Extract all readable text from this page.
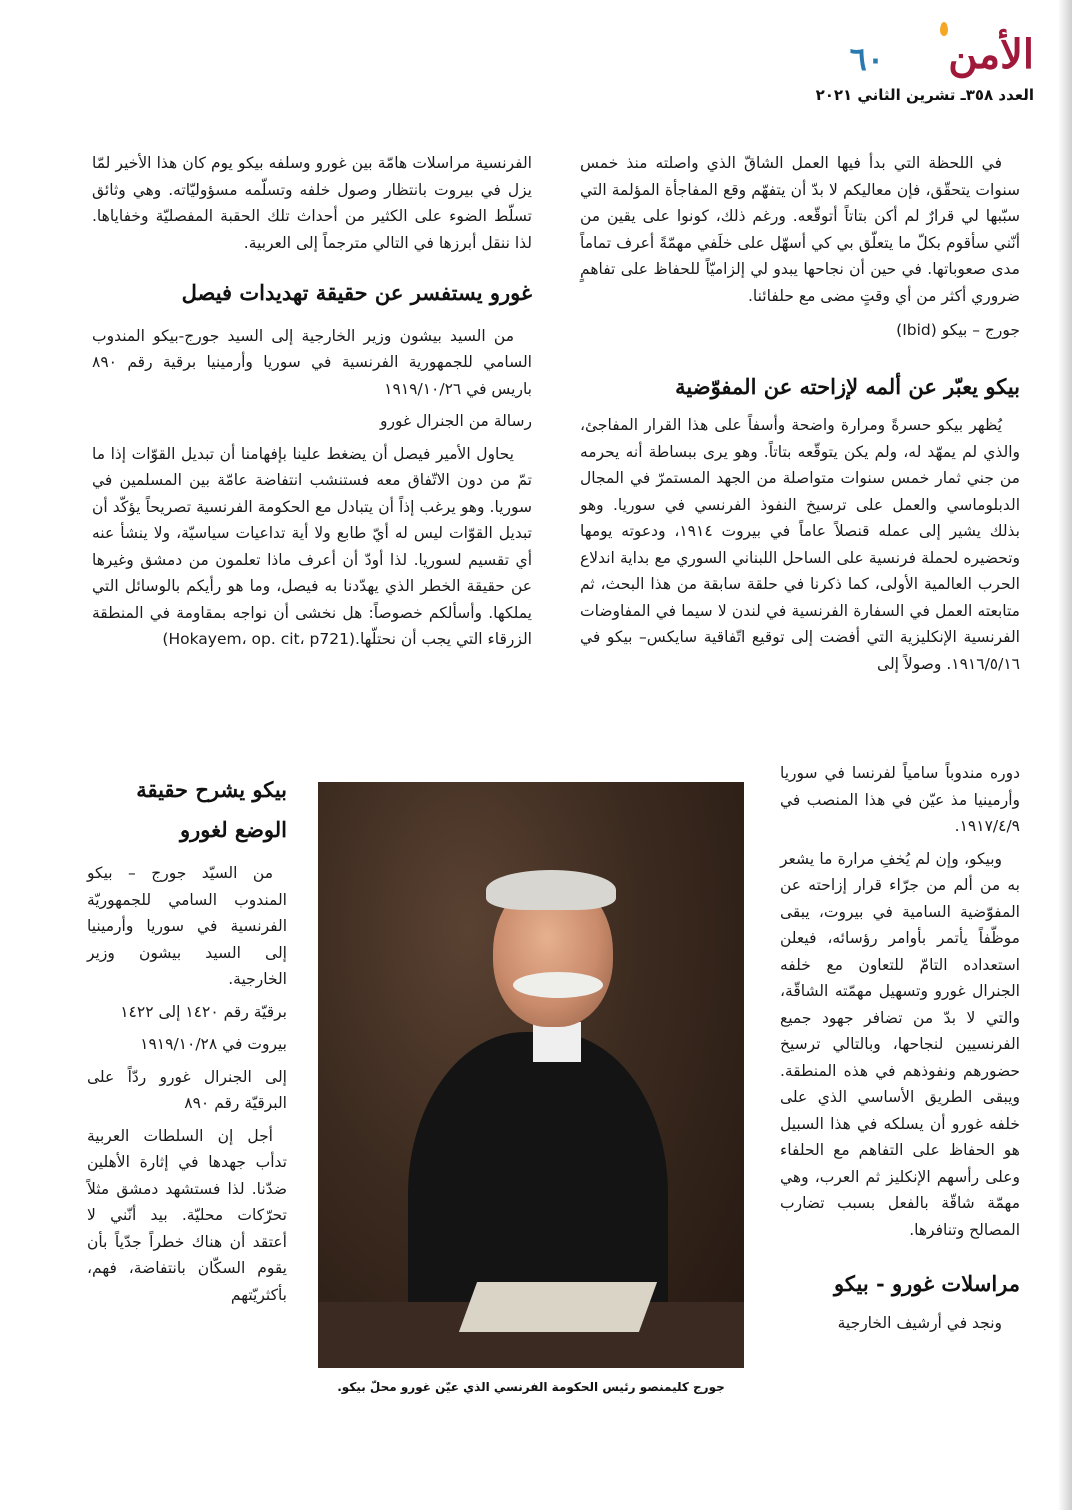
الأمن
٦٠
العدد ٣٥٨ـ تشرين الثاني ٢٠٢١

في اللحظة التي بدأ فيها العمل الشاقّ الذي واصلته منذ خمس سنوات يتحقّق، فإن معاليكم لا بدّ أن يتفهّم وقع المفاجأة المؤلمة التي سبّبها لي قرارٌ لم أكن بتاتاً أتوقّعه. ورغم ذلك، كونوا على يقين من أنّني سأقوم بكلّ ما يتعلّق بي كي أسهّل على خلَفي مهمّةً أعرف تماماً مدى صعوباتها. في حين أن نجاحها يبدو لي إلزاميّاً للحفاظ على تفاهمٍ ضروري أكثر من أي وقتٍ مضى مع حلفائنا.

جورج – بيكو (Ibid)

بيكو يعبّر عن ألمه لإزاحته عن المفوّضية

يُظهر بيكو حسرةً ومرارة واضحة وأسفاً على هذا القرار المفاجئ، والذي لم يمهّد له، ولم يكن يتوقّعه بتاتاً. وهو يرى ببساطة أنه يحرمه من جني ثمار خمس سنوات متواصلة من الجهد المستمرّ في المجال الدبلوماسي والعمل على ترسيخ النفوذ الفرنسي في سوريا. وهو بذلك يشير إلى عمله قنصلاً عاماً في بيروت ١٩١٤، ودعوته يومها وتحضيره لحملة فرنسية على الساحل اللبناني السوري مع بداية اندلاع الحرب العالمية الأولى، كما ذكرنا في حلقة سابقة من هذا البحث، ثم متابعته العمل في السفارة الفرنسية في لندن لا سيما في المفاوضات الفرنسية الإنكليزية التي أفضت إلى توقيع اتّفاقية سايكس– بيكو في ١٩١٦/٥/١٦. وصولاً إلى

دوره مندوباً سامياً لفرنسا في سوريا وأرمينيا مذ عيّن في هذا المنصب في ١٩١٧/٤/٩.

وبيكو، وإن لم يُخفِ مرارة ما يشعر به من ألم من جرّاء قرار إزاحته عن المفوّضية السامية في بيروت، يبقى موظّفاً يأتمر بأوامر رؤسائه، فيعلن استعداده التامّ للتعاون مع خلفه الجنرال غورو وتسهيل مهمّته الشاقّة، والتي لا بدّ من تضافر جهود جميع الفرنسيين لنجاحها، وبالتالي ترسيخ حضورهم ونفوذهم في هذه المنطقة. ويبقى الطريق الأساسي الذي على خلفه غورو أن يسلكه في هذا السبيل هو الحفاظ على التفاهم مع الحلفاء وعلى رأسهم الإنكليز ثم العرب، وهي مهمّة شاقّة بالفعل بسبب تضارب المصالح وتنافرها.

مراسلات غورو - بيكو

ونجد في أرشيف الخارجية

الفرنسية مراسلات هامّة بين غورو وسلفه بيكو يوم كان هذا الأخير لمّا يزل في بيروت بانتظار وصول خلفه وتسلّمه مسؤوليّاته. وهي وثائق تسلّط الضوء على الكثير من أحداث تلك الحقبة المفصليّة وخفاياها. لذا ننقل أبرزها في التالي مترجماً إلى العربية.

غورو يستفسر عن حقيقة تهديدات فيصل

من السيد بيشون وزير الخارجية إلى السيد جورج-بيكو المندوب السامي للجمهورية الفرنسية في سوريا وأرمينيا برقية رقم ٨٩٠ باريس في ١٩١٩/١٠/٢٦

رسالة من الجنرال غورو

يحاول الأمير فيصل أن يضغط علينا بإفهامنا أن تبديل القوّات إذا ما تمّ من دون الاتّفاق معه فستنشب انتفاضة عامّة بين المسلمين في سوريا. وهو يرغب إذاً أن يتبادل مع الحكومة الفرنسية تصريحاً يؤكّد أن تبديل القوّات ليس له أيّ طابع ولا أية تداعيات سياسيّة، ولا ينشأ عنه أي تقسيم لسوريا. لذا أودّ أن أعرف ماذا تعلمون من دمشق وغيرها عن حقيقة الخطر الذي يهدّدنا به فيصل، وما هو رأيكم بالوسائل التي يملكها. وأسألكم خصوصاً: هل نخشى أن نواجه بمقاومة في المنطقة الزرقاء التي يجب أن نحتلّها.(Hokayem، op. cit، p721)

بيكو يشرح حقيقة الوضع لغورو

من السيّد جورج – بيكو المندوب السامي للجمهوريّة الفرنسية في سوريا وأرمينيا إلى السيد بيشون وزير الخارجية.

برقيّة رقم ١٤٢٠ إلى ١٤٢٢

بيروت في ١٩١٩/١٠/٢٨

إلى الجنرال غورو ردّاً على البرقيّة رقم ٨٩٠

أجل إن السلطات العربية تدأب جهدها في إثارة الأهلين ضدّنا. لذا فستشهد دمشق مثلاً تحرّكات محليّة. بيد أنّني لا أعتقد أن هناك خطراً جدّياً بأن يقوم السكّان بانتفاضة، فهم، بأكثريّتهم

جورج كليمنصو رئيس الحكومة الفرنسي الذي عيّن غورو محلّ بيكو.
